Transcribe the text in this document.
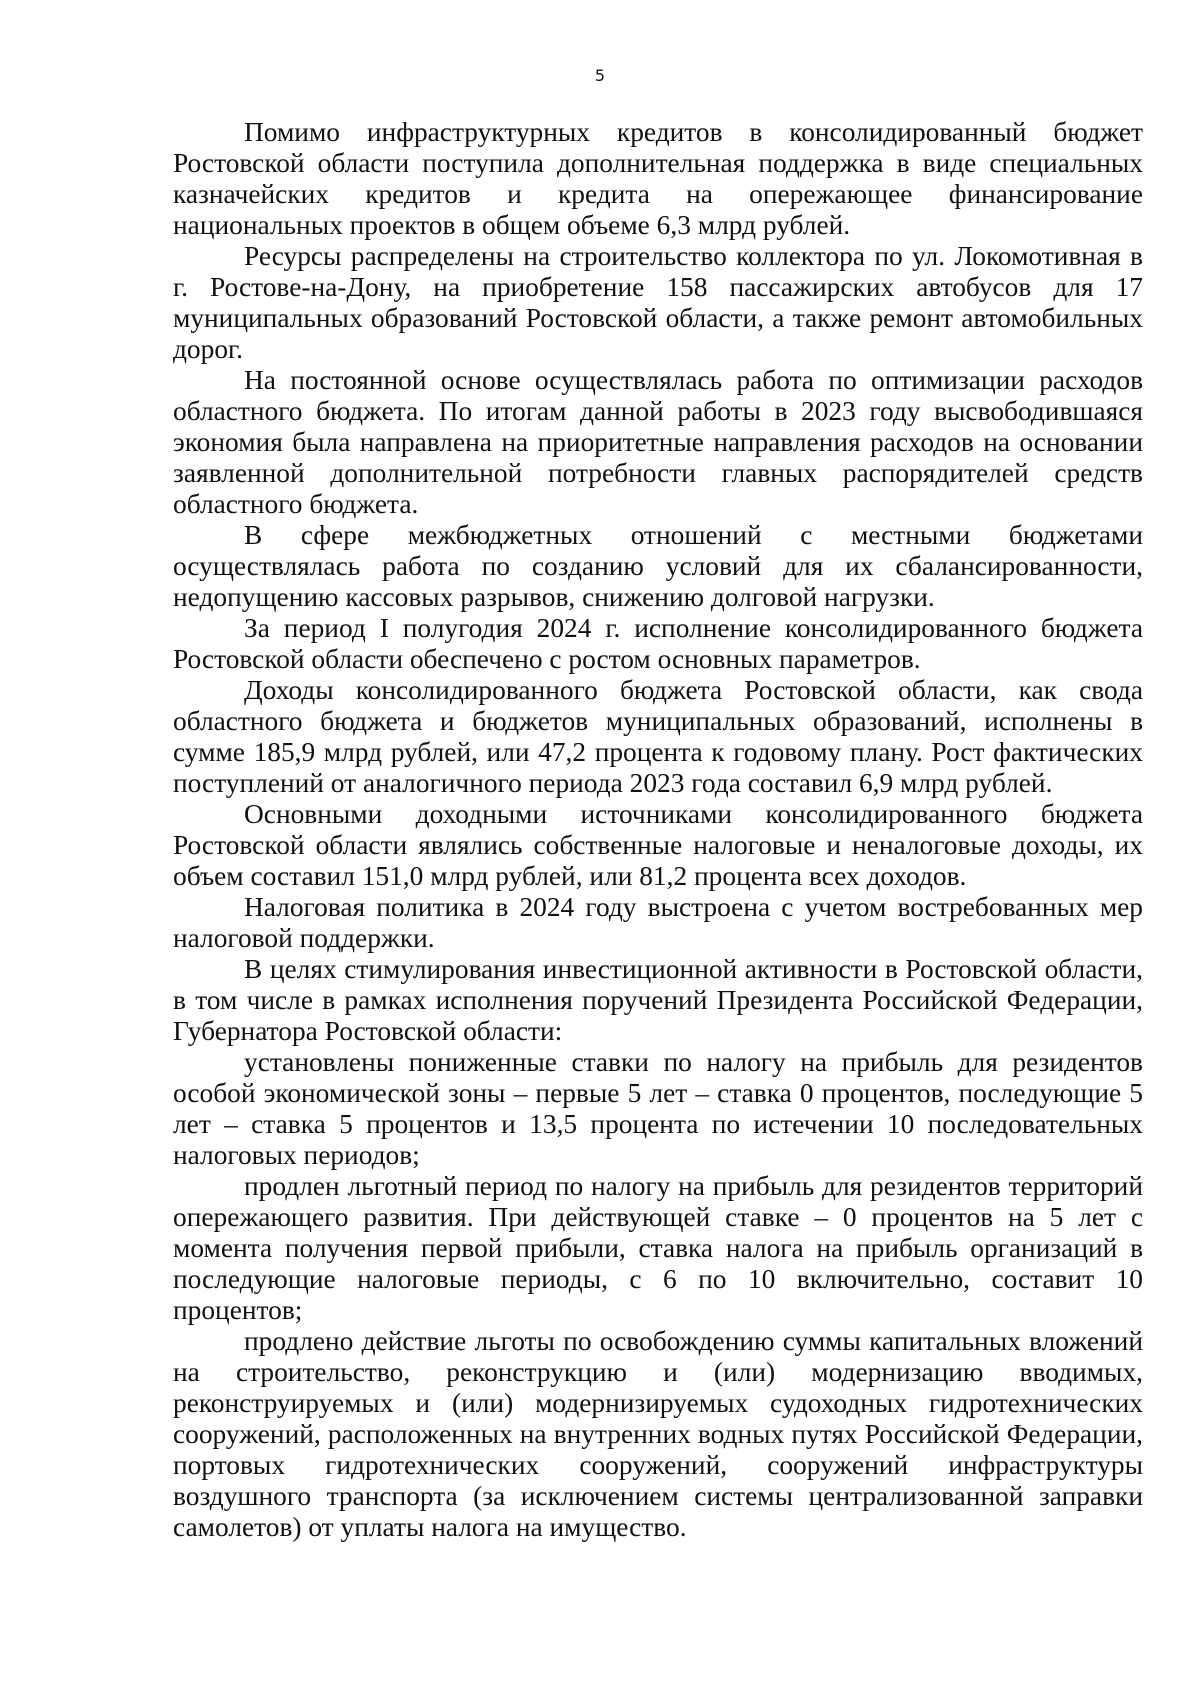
5

Помимо инфраструктурных кредитов в консолидированный бюджет Ростовской области поступила дополнительная поддержка в виде специальных казначейских кредитов и кредита на опережающее финансирование национальных проектов в общем объеме 6,3 млрд рублей.

Ресурсы распределены на строительство коллектора по ул. Локомотивная в г. Ростове-на-Дону, на приобретение 158 пассажирских автобусов для 17 муниципальных образований Ростовской области, а также ремонт автомобильных дорог.

На постоянной основе осуществлялась работа по оптимизации расходов областного бюджета. По итогам данной работы в 2023 году высвободившаяся экономия была направлена на приоритетные направления расходов на основании заявленной дополнительной потребности главных распорядителей средств областного бюджета.

В сфере межбюджетных отношений с местными бюджетами осуществлялась работа по созданию условий для их сбалансированности, недопущению кассовых разрывов, снижению долговой нагрузки.

За период I полугодия 2024 г. исполнение консолидированного бюджета Ростовской области обеспечено с ростом основных параметров.

Доходы консолидированного бюджета Ростовской области, как свода областного бюджета и бюджетов муниципальных образований, исполнены в сумме 185,9 млрд рублей, или 47,2 процента к годовому плану. Рост фактических поступлений от аналогичного периода 2023 года составил 6,9 млрд рублей.

Основными доходными источниками консолидированного бюджета Ростовской области являлись собственные налоговые и неналоговые доходы, их объем составил 151,0 млрд рублей, или 81,2 процента всех доходов.

Налоговая политика в 2024 году выстроена с учетом востребованных мер налоговой поддержки.

В целях стимулирования инвестиционной активности в Ростовской области, в том числе в рамках исполнения поручений Президента Российской Федерации, Губернатора Ростовской области:

установлены пониженные ставки по налогу на прибыль для резидентов особой экономической зоны – первые 5 лет – ставка 0 процентов, последующие 5 лет – ставка 5 процентов и 13,5 процента по истечении 10 последовательных налоговых периодов;

продлен льготный период по налогу на прибыль для резидентов территорий опережающего развития. При действующей ставке – 0 процентов на 5 лет с момента получения первой прибыли, ставка налога на прибыль организаций в последующие налоговые периоды, с 6 по 10 включительно, составит 10 процентов;

продлено действие льготы по освобождению суммы капитальных вложений на строительство, реконструкцию и (или) модернизацию вводимых, реконструируемых и (или) модернизируемых судоходных гидротехнических сооружений, расположенных на внутренних водных путях Российской Федерации, портовых гидротехнических сооружений, сооружений инфраструктуры воздушного транспорта (за исключением системы централизованной заправки самолетов) от уплаты налога на имущество.
